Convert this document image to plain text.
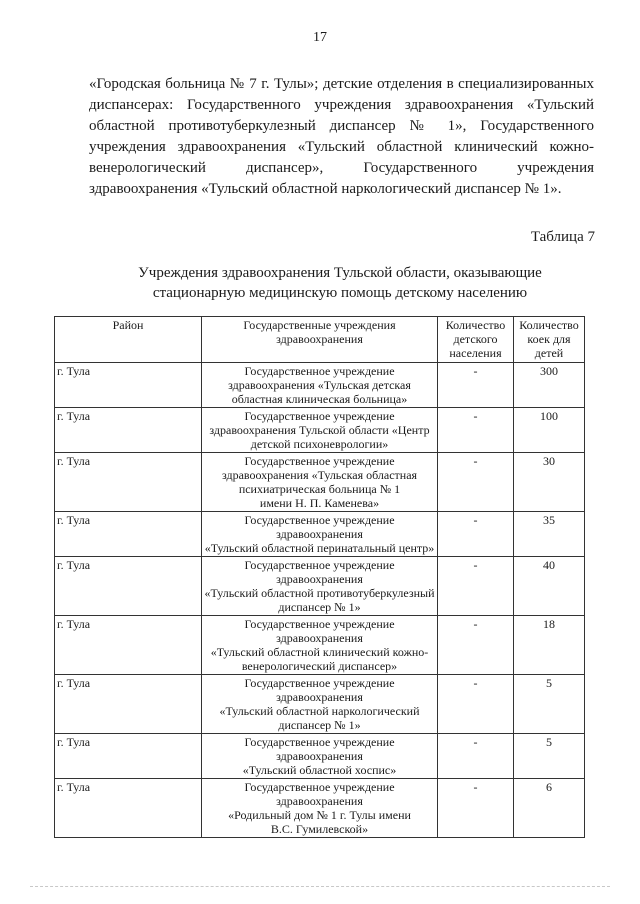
17

«Городская больница № 7 г. Тулы»; детские отделения в специализированных диспансерах: Государственного учреждения здравоохранения «Тульский областной противотуберкулезный диспансер № 1», Государственного учреждения здравоохранения «Тульский областной клинический кожно-венерологический диспансер», Государственного учреждения здравоохранения «Тульский областной наркологический диспансер № 1».

Таблица 7
Учреждения здравоохранения Тульской области, оказывающие
стационарную медицинскую помощь детскому населению
Район	Государственные учреждения здравоохранения	Количество детского населения	Количество коек для детей
г. Тула	Государственное учреждение
здравоохранения «Тульская детская
областная клиническая больница»	-	300
г. Тула	Государственное учреждение
здравоохранения Тульской области «Центр
детской психоневрологии»	-	100
г. Тула	Государственное учреждение
здравоохранения «Тульская областная
психиатрическая больница № 1
имени Н. П. Каменева»	-	30
г. Тула	Государственное учреждение
здравоохранения
«Тульский областной перинатальный центр»	-	35
г. Тула	Государственное учреждение
здравоохранения
«Тульский областной противотуберкулезный
диспансер № 1»	-	40
г. Тула	Государственное учреждение
здравоохранения
«Тульский областной клинический кожно-
венерологический диспансер»	-	18
г. Тула	Государственное учреждение
здравоохранения
«Тульский областной наркологический
диспансер № 1»	-	5
г. Тула	Государственное учреждение
здравоохранения
«Тульский областной хоспис»	-	5
г. Тула	Государственное учреждение
здравоохранения
«Родильный дом № 1 г. Тулы имени
В.С. Гумилевской»	-	6
